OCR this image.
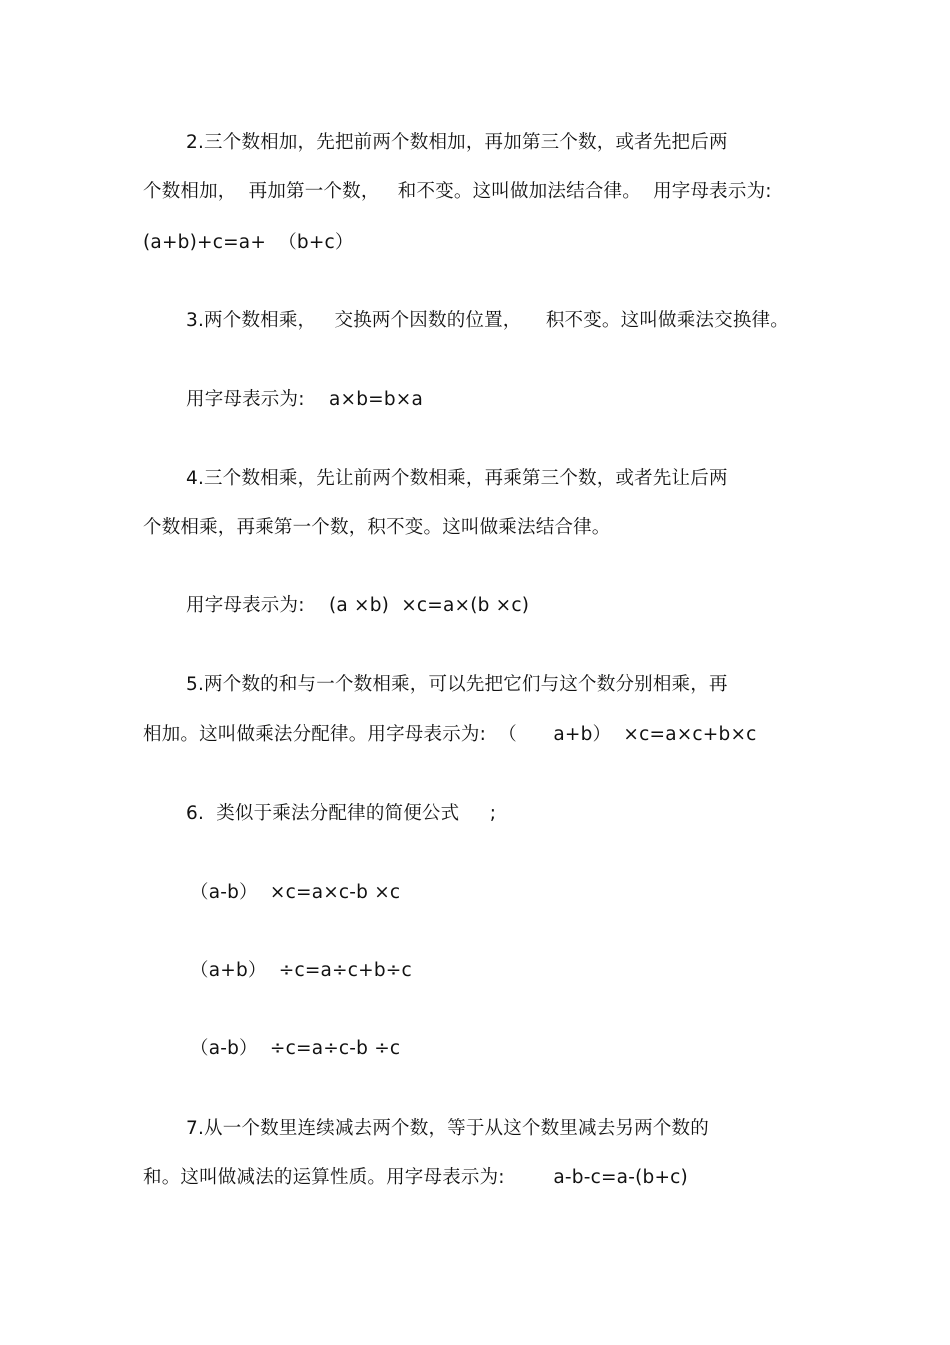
2.三个数相加，先把前两个数相加，再加第三个数，或者先把后两
个数相加，  再加第一个数，   和不变。这叫做加法结合律。  用字母表示为:
(a+b)+c=a+  （b+c）
3.两个数相乘，   交换两个因数的位置，    积不变。这叫做乘法交换律。
用字母表示为:    a×b=b×a
4.三个数相乘，先让前两个数相乘，再乘第三个数，或者先让后两
个数相乘，再乘第一个数，积不变。这叫做乘法结合律。
用字母表示为:    (a ×b)  ×c=a×(b ×c)
5.两个数的和与一个数相乘，可以先把它们与这个数分别相乘，再
相加。这叫做乘法分配律。用字母表示为:  （      a+b）  ×c=a×c+b×c
6.  类似于乘法分配律的简便公式     ;
（a-b）  ×c=a×c-b ×c
（a+b）  ÷c=a÷c+b÷c
（a-b）  ÷c=a÷c-b ÷c
7.从一个数里连续减去两个数，等于从这个数里减去另两个数的
和。这叫做减法的运算性质。用字母表示为:        a-b-c=a-(b+c)
